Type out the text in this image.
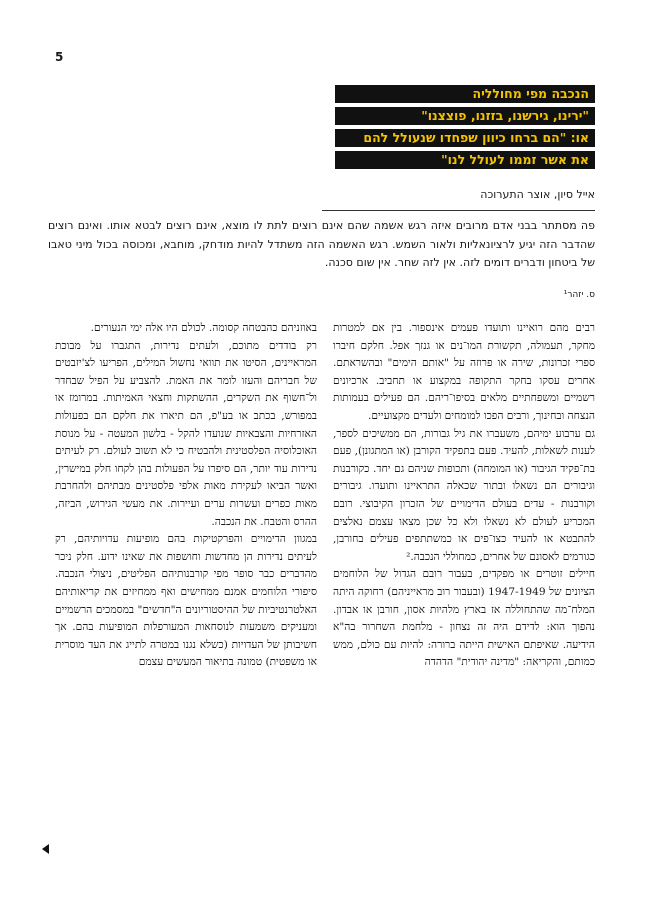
5
הנכבה מפי מחולליה
"ירינו, גירשנו, בזזנו, פוצצנו"
או: "הם ברחו כיוון שפחדו שנעולל להם
את אשר זממו לעולל לנו"
אייל סיון, אוצר התערוכה
פה מסתתר בבני אדם מרובים איזה רגש אשמה שהם אינם רוצים לתת לו מוצא, אינם רוצים לבטא אותו. ואינם רוצים שהדבר הזה יגיע לרציונאליות ולאור השמש. רגש האשמה הזה משתדל להיות מודחק, מוחבא, ומכוסה בכול מיני טאבו של ביטחון ודברים דומים לזה. אין לזה שחר. אין שום סכנה.
ס. יזהר¹

רבים מהם רואיינו ותועדו פעמים אינספור. בין אם למטרות מחקר, תעמולה, תקשורת המו־נים או גנזך אפל. חלקם חיברו ספרי זכרונות, שירה או פרוזה על "אותם הימים" ובהשראתם. אחרים עסקו בחקר התקופה במקצוע או תחביב. ארכיונים רשמיים ומשפחתיים מלאים בסיפו־ריהם. הם פעילים בעמותות הנצחה ובחינוך, ורבים הפכו למומחים ולעדים מקצועיים.

גם ערבוע ימיהם, משעברו את גיל גבורות, הם ממשיכים לספר, לענות לשאלות, להעיד. פעם בתפקיד הקורבן (או המתגונן), פעם בת־פקיד הגיבור (או המומחה) ותכופות שניהם גם יחד. כקורבנות וגיבורים הם נשאלו ובתור שכאלה התראיינו ותועדו. גיבורים וקורבנות - עדים בעולם הדימויים של הזכרון הקיבוצי. רובם המכריע לעולם לא נשאלו ולא כל שכן מצאו עצמם נאלצים להתבטא או להעיד כצו־פים או כמשתתפים פעילים בחורבן, כגורמים לאסונם של אחרים, כמחוללי הנכבה.²

חיילים זוטרים או מפקדים, בעבור רובם הגדול של הלוחמים הציונים של 1947-1949 (ובעבור רוב מראייניהם) רחוקה היתה המלח־מה שהתחוללה אז בארץ מלהיות אסון, חורבן או אבדון. נהפוך הוא: לדידם היה זה נצחון - מלחמת השחרור בה"א הידיעה. שאיפתם האישית הייתה ברורה: להיות עם כולם, ממש כמותם, והקריאה: "מדינה יהודית" הדהדה

באוזניהם כהבטחה קסומה. לכולם היו אלה ימי הנעורים.

רק בודדים מתוכם, ולעתים נדירות, התגברו על מבוכת המראיינים, הסיטו את תוואי נחשול המילים, הפריעו לצ'יזבטים של חבריהם והעזו לומר את האמת. להצביע על הפיל שבחדר ול־חשוף את השקרים, ההשתקות וחצאי האמיתות. במרומז או במפורש, בכתב או בע"פ, הם תיארו את חלקם הם בפעולות האזרחיות והצבאיות שנועדו להקל - בלשון המעטה - על מנוסת האוכלוסיה הפלסטינית ולהבטיח כי לא תשוב לעולם. רק לעיתים נדירות עוד יותר, הם סיפרו על הפעולות בהן לקחו חלק במישרין, ואשר הביאו לעקירת מאות אלפי פלסטינים מבתיהם ולהחרבת מאות כפרים ועשרות ערים ועיירות. את מעשי הגירוש, הביזה, ההרס והטבח. את הנכבה.

במגוון הדימויים והפרקטיקות בהם מופיעות עדויותיהם, רק לעיתים נדירות הן מחדשות וחושפות את שאינו ידוע. חלק ניכר מהדברים כבר סופר מפי קורבנותיהם הפליטים, ניצולי הנכבה. סיפורי הלוחמים אמנם ממחישים ואף ממחיזים את קריאותיהם האלטרנטיביות של ההיסטוריונים ה"חדשים" במסמכים הרשמיים ומעניקים משמעות לנוסחאות המעורפלות המופיעות בהם. אך חשיבותן של העדויות (כשלא נגנו במטרה לתייג את העד מוסרית או משפטית) טמונה בתיאור המעשים עצמם
